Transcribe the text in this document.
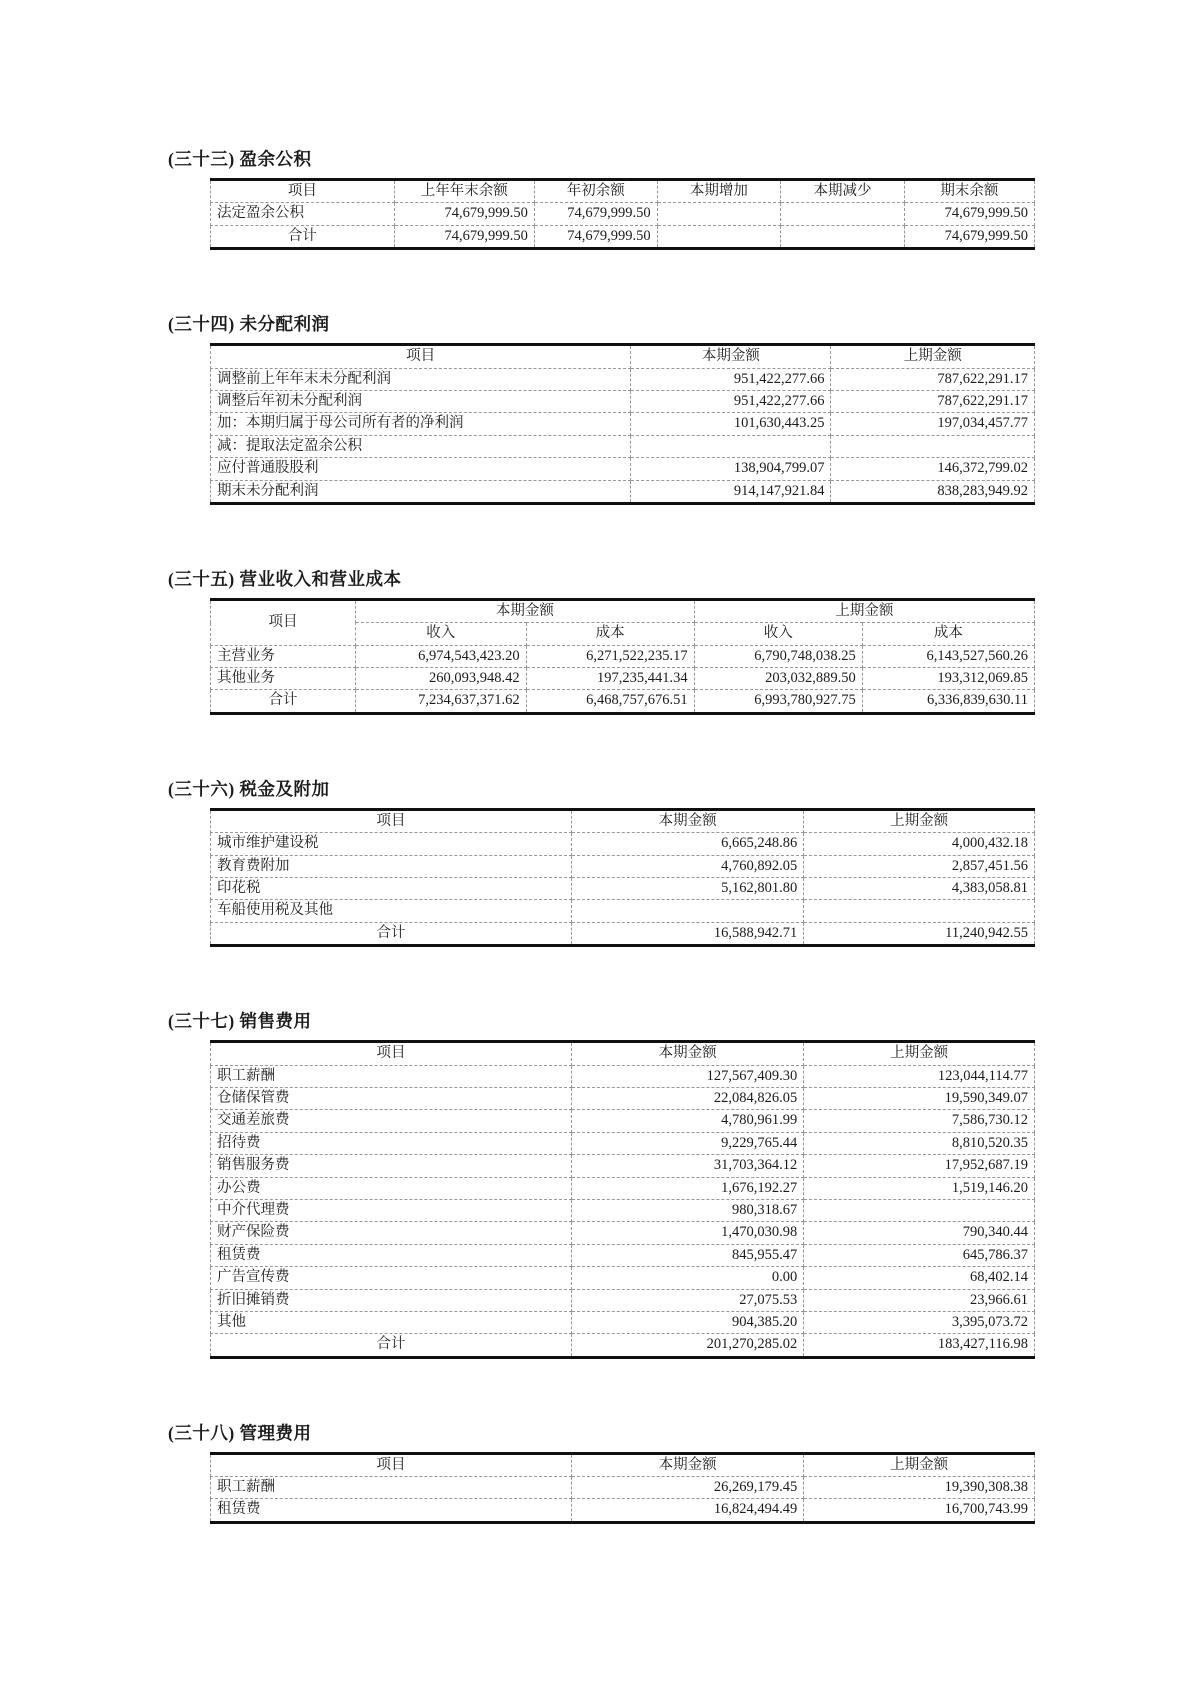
(三十三) 盈余公积
项目	上年年末余额	年初余额	本期增加	本期减少	期末余额
法定盈余公积	74,679,999.50	74,679,999.50			74,679,999.50
合计	74,679,999.50	74,679,999.50			74,679,999.50
(三十四) 未分配利润
项目	本期金额	上期金额
调整前上年年末未分配利润	951,422,277.66	787,622,291.17
调整后年初未分配利润	951,422,277.66	787,622,291.17
加：本期归属于母公司所有者的净利润	101,630,443.25	197,034,457.77
减：提取法定盈余公积		
应付普通股股利	138,904,799.07	146,372,799.02
期末未分配利润	914,147,921.84	838,283,949.92
(三十五) 营业收入和营业成本
项目	本期金额		上期金额	
	收入	成本	收入	成本
主营业务	6,974,543,423.20	6,271,522,235.17	6,790,748,038.25	6,143,527,560.26
其他业务	260,093,948.42	197,235,441.34	203,032,889.50	193,312,069.85
合计	7,234,637,371.62	6,468,757,676.51	6,993,780,927.75	6,336,839,630.11
(三十六) 税金及附加
项目	本期金额	上期金额
城市维护建设税	6,665,248.86	4,000,432.18
教育费附加	4,760,892.05	2,857,451.56
印花税	5,162,801.80	4,383,058.81
车船使用税及其他		
合计	16,588,942.71	11,240,942.55
(三十七) 销售费用
项目	本期金额	上期金额
职工薪酬	127,567,409.30	123,044,114.77
仓储保管费	22,084,826.05	19,590,349.07
交通差旅费	4,780,961.99	7,586,730.12
招待费	9,229,765.44	8,810,520.35
销售服务费	31,703,364.12	17,952,687.19
办公费	1,676,192.27	1,519,146.20
中介代理费	980,318.67	
财产保险费	1,470,030.98	790,340.44
租赁费	845,955.47	645,786.37
广告宣传费	0.00	68,402.14
折旧摊销费	27,075.53	23,966.61
其他	904,385.20	3,395,073.72
合计	201,270,285.02	183,427,116.98
(三十八) 管理费用
项目	本期金额	上期金额
职工薪酬	26,269,179.45	19,390,308.38
租赁费	16,824,494.49	16,700,743.99
